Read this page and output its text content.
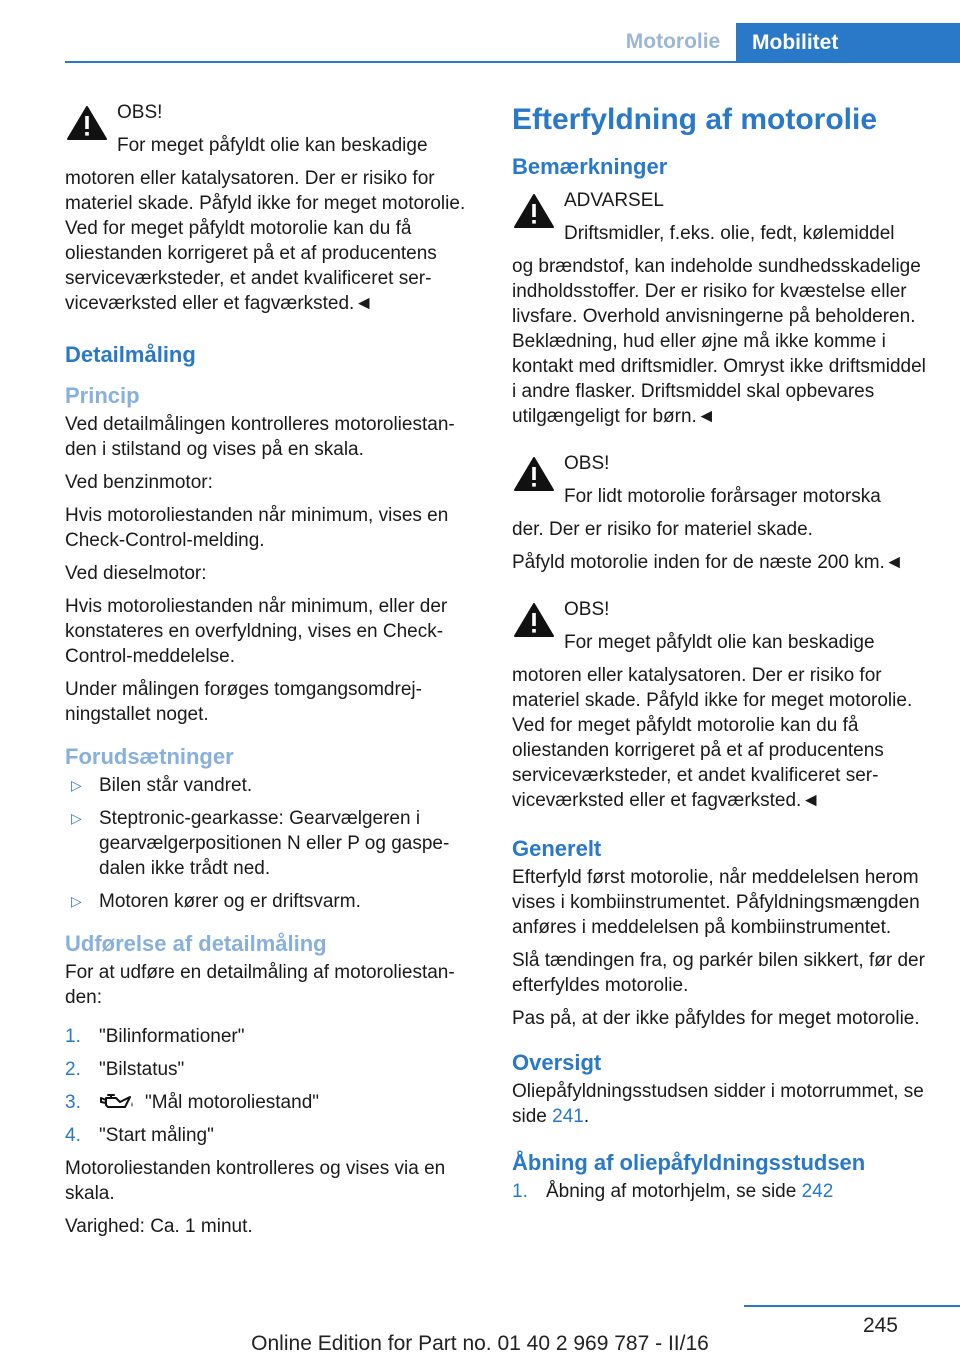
Motorolie	Mobilitet

OBS!

For meget påfyldt olie kan beskadige

motoren eller katalysatoren. Der er risiko for materiel skade. Påfyld ikke for meget motorolie. Ved for meget påfyldt motorolie kan du få oliestanden korrigeret på et af producentens serviceværksteder, et andet kvalificeret serviceværksted eller et fagværksted.◄

Detailmåling
Princip

Ved detailmålingen kontrolleres motoroliestanden i stilstand og vises på en skala.

Ved benzinmotor:

Hvis motoroliestanden når minimum, vises en Check-Control-melding.

Ved dieselmotor:

Hvis motoroliestanden når minimum, eller der konstateres en overfyldning, vises en Check-Control-meddelelse.

Under målingen forøges tomgangsomdrejningstallet noget.

Forudsætninger
▷ Bilen står vandret.
▷ Steptronic-gearkasse: Gearvælgeren i gearvælgerpositionen N eller P og gaspedalen ikke trådt ned.
▷ Motoren kører og er driftsvarm.
Udførelse af detailmåling

For at udføre en detailmåling af motoroliestanden:

1. "Bilinformationer"
2. "Bilstatus"
3.	"Mål motoroliestand"
4. "Start måling"

Motoroliestanden kontrolleres og vises via en skala.

Varighed: Ca. 1 minut.

Efterfyldning af motorolie
Bemærkninger

ADVARSEL

Driftsmidler, f.eks. olie, fedt, kølemiddel

og brændstof, kan indeholde sundhedsskadelige indholdsstoffer. Der er risiko for kvæstelse eller livsfare. Overhold anvisningerne på beholderen. Beklædning, hud eller øjne må ikke komme i kontakt med driftsmidler. Omryst ikke driftsmiddel i andre flasker. Driftsmiddel skal opbevares utilgængeligt for børn.◄

OBS!

For lidt motorolie forårsager motorska

der. Der er risiko for materiel skade.

Påfyld motorolie inden for de næste 200 km.◄

OBS!

For meget påfyldt olie kan beskadige

motoren eller katalysatoren. Der er risiko for materiel skade. Påfyld ikke for meget motorolie. Ved for meget påfyldt motorolie kan du få oliestanden korrigeret på et af producentens serviceværksteder, et andet kvalificeret serviceværksted eller et fagværksted.◄

Generelt

Efterfyld først motorolie, når meddelelsen herom vises i kombiinstrumentet. Påfyldningsmængden anføres i meddelelsen på kombiinstrumentet.

Slå tændingen fra, og parkér bilen sikkert, før der efterfyldes motorolie.

Pas på, at der ikke påfyldes for meget motorolie.

Oversigt

Oliepåfyldningsstudsen sidder i motorrummet, se side 241.

Åbning af oliepåfyldningsstudsen
1. Åbning af motorhjelm, se side 242
245
Online Edition for Part no. 01 40 2 969 787 - II/16
